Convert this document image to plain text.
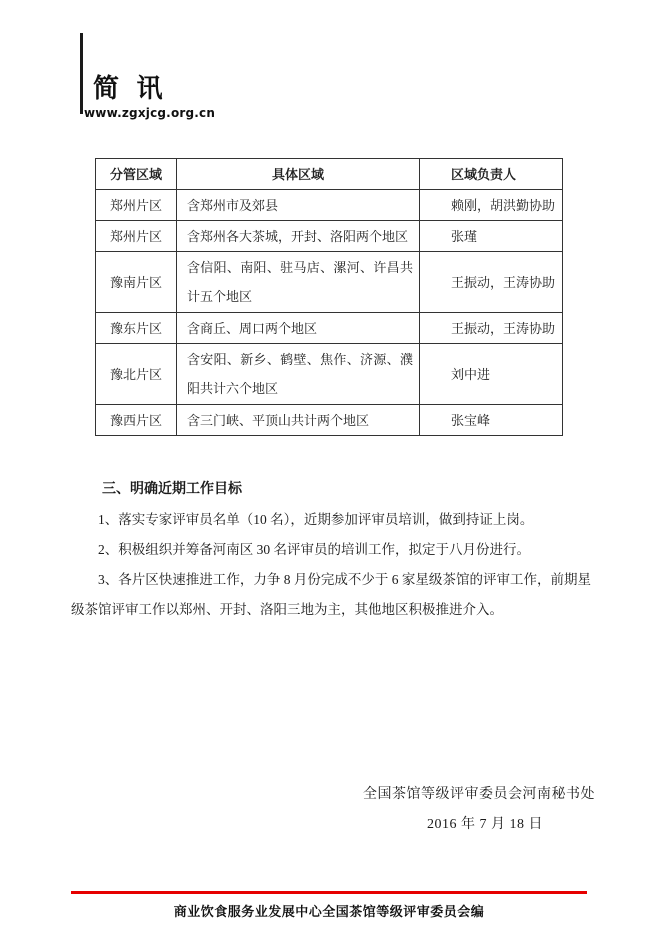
简 讯
www.zgxjcg.org.cn
分管区域	具体区域	区域负责人
郑州片区	含郑州市及郊县	赖刚，胡洪勤协助
郑州片区	含郑州各大茶城，开封、洛阳两个地区	张瑾
豫南片区	含信阳、南阳、驻马店、漯河、许昌共计五个地区	王振动，王涛协助
豫东片区	含商丘、周口两个地区	王振动，王涛协助
豫北片区	含安阳、新乡、鹤壁、焦作、济源、濮阳共计六个地区	刘中进
豫西片区	含三门峡、平顶山共计两个地区	张宝峰
三、明确近期工作目标

1、落实专家评审员名单（10 名），近期参加评审员培训，做到持证上岗。

2、积极组织并筹备河南区 30 名评审员的培训工作，拟定于八月份进行。

3、各片区快速推进工作，力争 8 月份完成不少于 6 家星级茶馆的评审工作，前期星级茶馆评审工作以郑州、开封、洛阳三地为主，其他地区积极推进介入。

全国茶馆等级评审委员会河南秘书处
2016 年 7 月 18 日
商业饮食服务业发展中心全国茶馆等级评审委员会编
